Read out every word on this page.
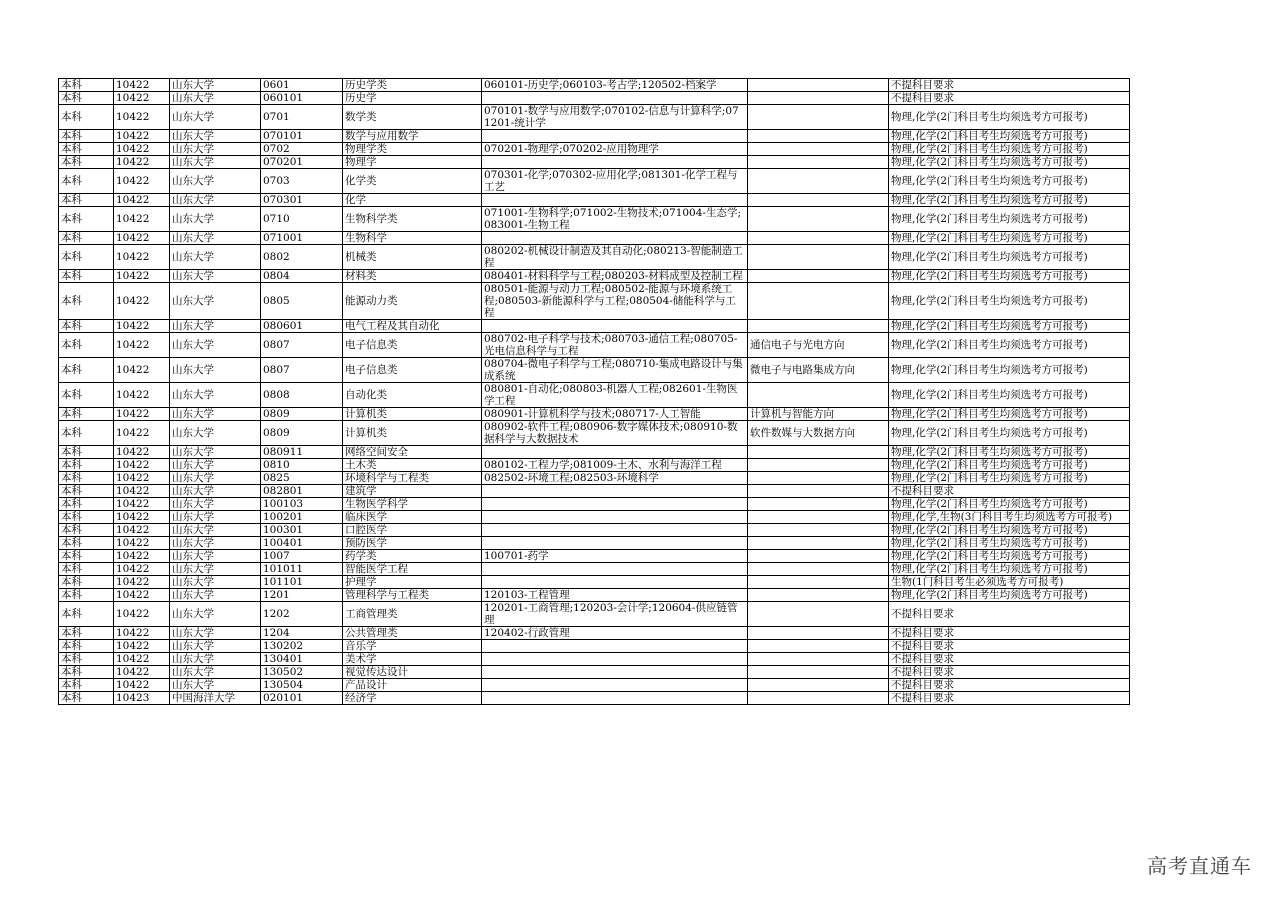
本科	10422	山东大学	0601	历史学类	060101-历史学;060103-考古学;120502-档案学		不提科目要求
本科	10422	山东大学	060101	历史学			不提科目要求
本科	10422	山东大学	0701	数学类	070101-数学与应用数学;070102-信息与计算科学;071201-统计学		物理,化学(2门科目考生均须选考方可报考)
本科	10422	山东大学	070101	数学与应用数学			物理,化学(2门科目考生均须选考方可报考)
本科	10422	山东大学	0702	物理学类	070201-物理学;070202-应用物理学		物理,化学(2门科目考生均须选考方可报考)
本科	10422	山东大学	070201	物理学			物理,化学(2门科目考生均须选考方可报考)
本科	10422	山东大学	0703	化学类	070301-化学;070302-应用化学;081301-化学工程与工艺		物理,化学(2门科目考生均须选考方可报考)
本科	10422	山东大学	070301	化学			物理,化学(2门科目考生均须选考方可报考)
本科	10422	山东大学	0710	生物科学类	071001-生物科学;071002-生物技术;071004-生态学;083001-生物工程		物理,化学(2门科目考生均须选考方可报考)
本科	10422	山东大学	071001	生物科学			物理,化学(2门科目考生均须选考方可报考)
本科	10422	山东大学	0802	机械类	080202-机械设计制造及其自动化;080213-智能制造工程		物理,化学(2门科目考生均须选考方可报考)
本科	10422	山东大学	0804	材料类	080401-材料科学与工程;080203-材料成型及控制工程		物理,化学(2门科目考生均须选考方可报考)
本科	10422	山东大学	0805	能源动力类	080501-能源与动力工程;080502-能源与环境系统工程;080503-新能源科学与工程;080504-储能科学与工程		物理,化学(2门科目考生均须选考方可报考)
本科	10422	山东大学	080601	电气工程及其自动化			物理,化学(2门科目考生均须选考方可报考)
本科	10422	山东大学	0807	电子信息类	080702-电子科学与技术;080703-通信工程;080705-光电信息科学与工程	通信电子与光电方向	物理,化学(2门科目考生均须选考方可报考)
本科	10422	山东大学	0807	电子信息类	080704-微电子科学与工程;080710-集成电路设计与集成系统	微电子与电路集成方向	物理,化学(2门科目考生均须选考方可报考)
本科	10422	山东大学	0808	自动化类	080801-自动化;080803-机器人工程;082601-生物医学工程		物理,化学(2门科目考生均须选考方可报考)
本科	10422	山东大学	0809	计算机类	080901-计算机科学与技术;080717-人工智能	计算机与智能方向	物理,化学(2门科目考生均须选考方可报考)
本科	10422	山东大学	0809	计算机类	080902-软件工程;080906-数字媒体技术;080910-数据科学与大数据技术	软件数媒与大数据方向	物理,化学(2门科目考生均须选考方可报考)
本科	10422	山东大学	080911	网络空间安全			物理,化学(2门科目考生均须选考方可报考)
本科	10422	山东大学	0810	土木类	080102-工程力学;081009-土木、水利与海洋工程		物理,化学(2门科目考生均须选考方可报考)
本科	10422	山东大学	0825	环境科学与工程类	082502-环境工程;082503-环境科学		物理,化学(2门科目考生均须选考方可报考)
本科	10422	山东大学	082801	建筑学			不提科目要求
本科	10422	山东大学	100103	生物医学科学			物理,化学(2门科目考生均须选考方可报考)
本科	10422	山东大学	100201	临床医学			物理,化学,生物(3门科目考生均须选考方可报考)
本科	10422	山东大学	100301	口腔医学			物理,化学(2门科目考生均须选考方可报考)
本科	10422	山东大学	100401	预防医学			物理,化学(2门科目考生均须选考方可报考)
本科	10422	山东大学	1007	药学类	100701-药学		物理,化学(2门科目考生均须选考方可报考)
本科	10422	山东大学	101011	智能医学工程			物理,化学(2门科目考生均须选考方可报考)
本科	10422	山东大学	101101	护理学			生物(1门科目考生必须选考方可报考)
本科	10422	山东大学	1201	管理科学与工程类	120103-工程管理		物理,化学(2门科目考生均须选考方可报考)
本科	10422	山东大学	1202	工商管理类	120201-工商管理;120203-会计学;120604-供应链管理		不提科目要求
本科	10422	山东大学	1204	公共管理类	120402-行政管理		不提科目要求
本科	10422	山东大学	130202	音乐学			不提科目要求
本科	10422	山东大学	130401	美术学			不提科目要求
本科	10422	山东大学	130502	视觉传达设计			不提科目要求
本科	10422	山东大学	130504	产品设计			不提科目要求
本科	10423	中国海洋大学	020101	经济学			不提科目要求
高考直通车
